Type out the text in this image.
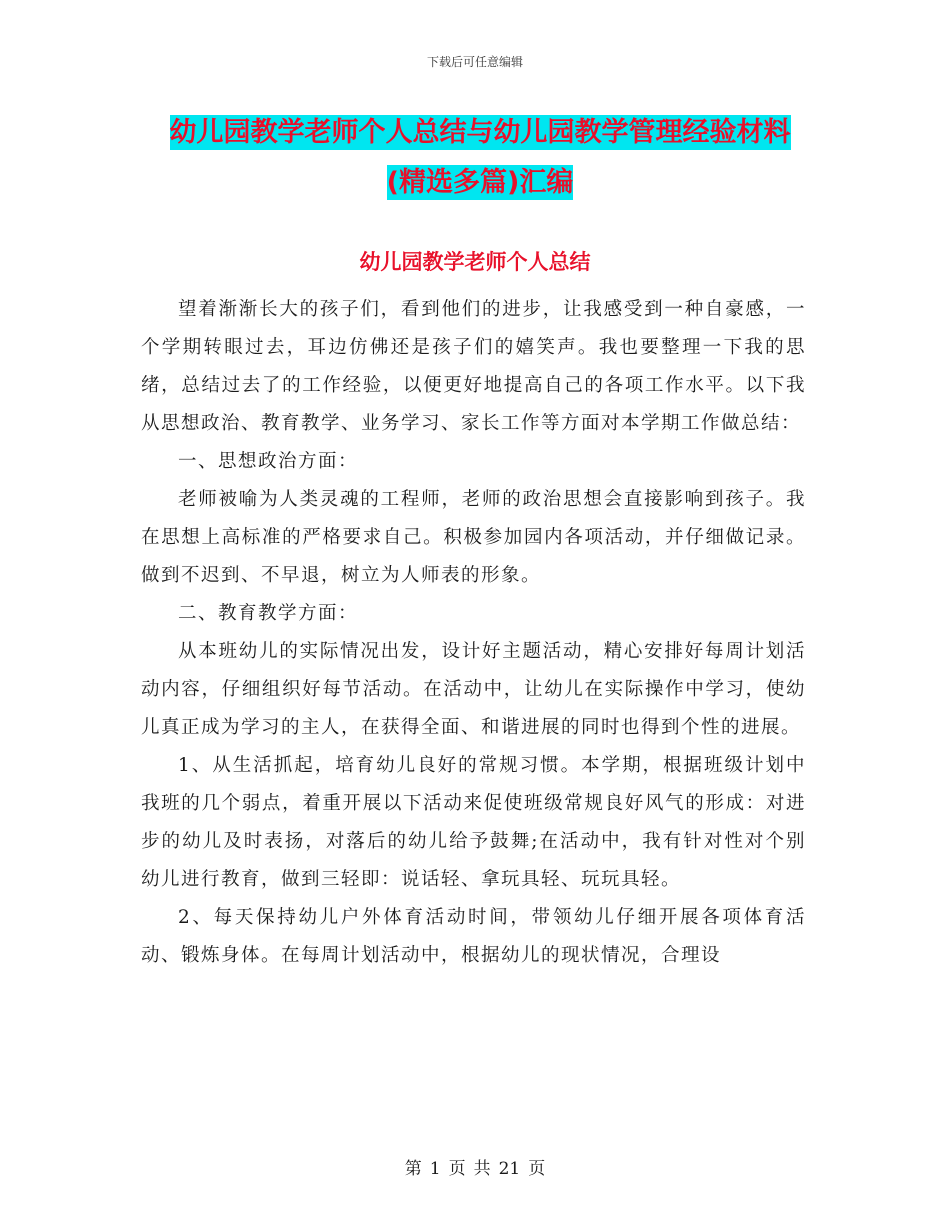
下载后可任意编辑
幼儿园教学老师个人总结与幼儿园教学管理经验材料
(精选多篇)汇编
幼儿园教学老师个人总结

望着渐渐长大的孩子们，看到他们的进步，让我感受到一种自豪感，一个学期转眼过去，耳边仿佛还是孩子们的嬉笑声。我也要整理一下我的思绪，总结过去了的工作经验，以便更好地提高自己的各项工作水平。以下我从思想政治、教育教学、业务学习、家长工作等方面对本学期工作做总结：

一、思想政治方面：

老师被喻为人类灵魂的工程师，老师的政治思想会直接影响到孩子。我在思想上高标准的严格要求自己。积极参加园内各项活动，并仔细做记录。做到不迟到、不早退，树立为人师表的形象。

二、教育教学方面：

从本班幼儿的实际情况出发，设计好主题活动，精心安排好每周计划活动内容，仔细组织好每节活动。在活动中，让幼儿在实际操作中学习，使幼儿真正成为学习的主人，在获得全面、和谐进展的同时也得到个性的进展。

1、从生活抓起，培育幼儿良好的常规习惯。本学期，根据班级计划中我班的几个弱点，着重开展以下活动来促使班级常规良好风气的形成：对进步的幼儿及时表扬，对落后的幼儿给予鼓舞;在活动中，我有针对性对个别幼儿进行教育，做到三轻即：说话轻、拿玩具轻、玩玩具轻。

2、每天保持幼儿户外体育活动时间，带领幼儿仔细开展各项体育活动、锻炼身体。在每周计划活动中，根据幼儿的现状情况，合理设

第 1 页 共 21 页
